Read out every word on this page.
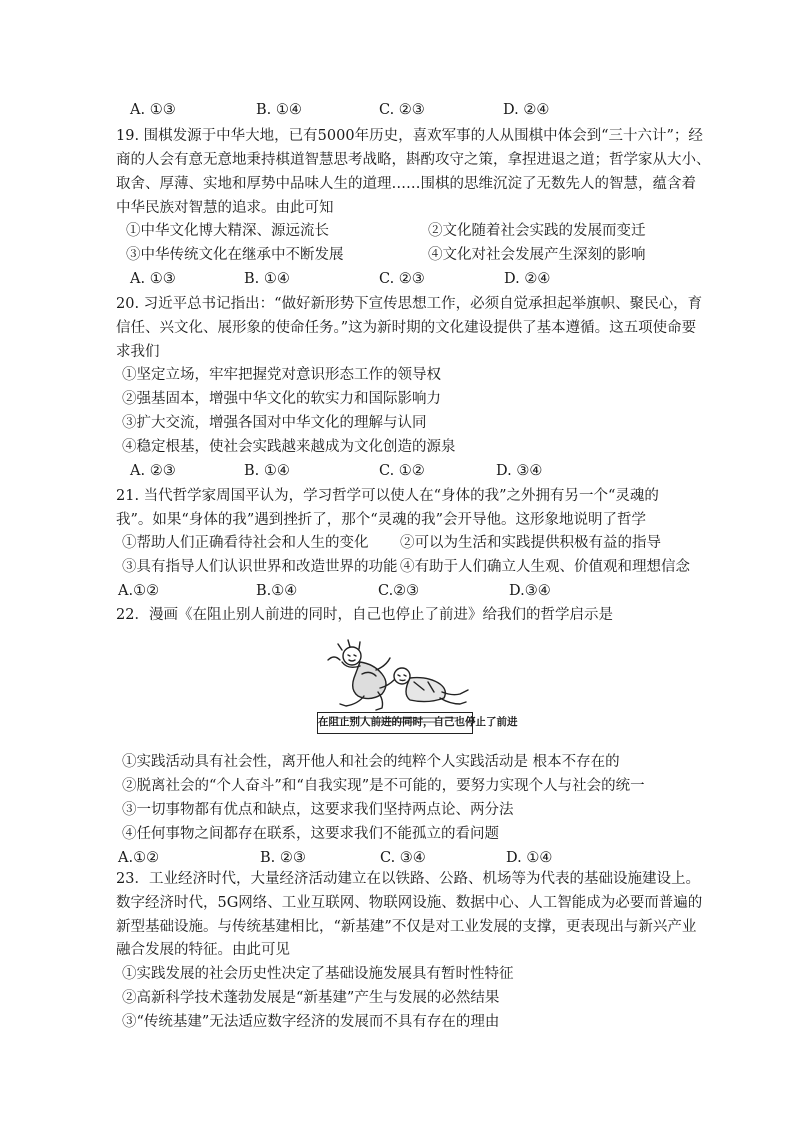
A. ①③	B. ①④	C. ②③	D. ②④
19. 围棋发源于中华大地，已有5000年历史，喜欢军事的人从围棋中体会到“三十六计”；经
商的人会有意无意地秉持棋道智慧思考战略，斟酌攻守之策，拿捏进退之道；哲学家从大小、
取舍、厚薄、实地和厚势中品味人生的道理……围棋的思维沉淀了无数先人的智慧，蕴含着
中华民族对智慧的追求。由此可知
①中华文化博大精深、源远流长	②文化随着社会实践的发展而变迁
③中华传统文化在继承中不断发展	④文化对社会发展产生深刻的影响
A. ①③	B. ①④	C. ②③	D. ②④
20. 习近平总书记指出：“做好新形势下宣传思想工作，必须自觉承担起举旗帜、聚民心，育
信任、兴文化、展形象的使命任务。”这为新时期的文化建设提供了基本遵循。这五项使命要
求我们
①坚定立场，牢牢把握党对意识形态工作的领导权
②强基固本，增强中华文化的软实力和国际影响力
③扩大交流，增强各国对中华文化的理解与认同
④稳定根基，使社会实践越来越成为文化创造的源泉
A. ②③	B. ①④	C. ①②	D. ③④
21. 当代哲学家周国平认为，学习哲学可以使人在“身体的我”之外拥有另一个“灵魂的
我”。如果“身体的我”遇到挫折了，那个“灵魂的我”会开导他。这形象地说明了哲学
①帮助人们正确看待社会和人生的变化 ②可以为生活和实践提供积极有益的指导
③具有指导人们认识世界和改造世界的功能 ④有助于人们确立人生观、价值观和理想信念
A.①②	B.①④	C.②③	D.③④
22．漫画《在阻止别人前进的同时，自己也停止了前进》给我们的哲学启示是
在阻止别人前进的同时，自己也停止了前进
①实践活动具有社会性，离开他人和社会的纯粹个人实践活动是 根本不存在的
②脱离社会的“个人奋斗”和“自我实现”是不可能的，要努力实现个人与社会的统一
③一切事物都有优点和缺点，这要求我们坚持两点论、两分法
④任何事物之间都存在联系，这要求我们不能孤立的看问题
A.①②	B. ②③	C. ③④	D. ①④
23．工业经济时代，大量经济活动建立在以铁路、公路、机场等为代表的基础设施建设上。
数字经济时代，5G网络、工业互联网、物联网设施、数据中心、人工智能成为必要而普遍的
新型基础设施。与传统基建相比，“新基建”不仅是对工业发展的支撑，更表现出与新兴产业
融合发展的特征。由此可见
①实践发展的社会历史性决定了基础设施发展具有暂时性特征
②高新科学技术蓬勃发展是“新基建”产生与发展的必然结果
③“传统基建”无法适应数字经济的发展而不具有存在的理由
